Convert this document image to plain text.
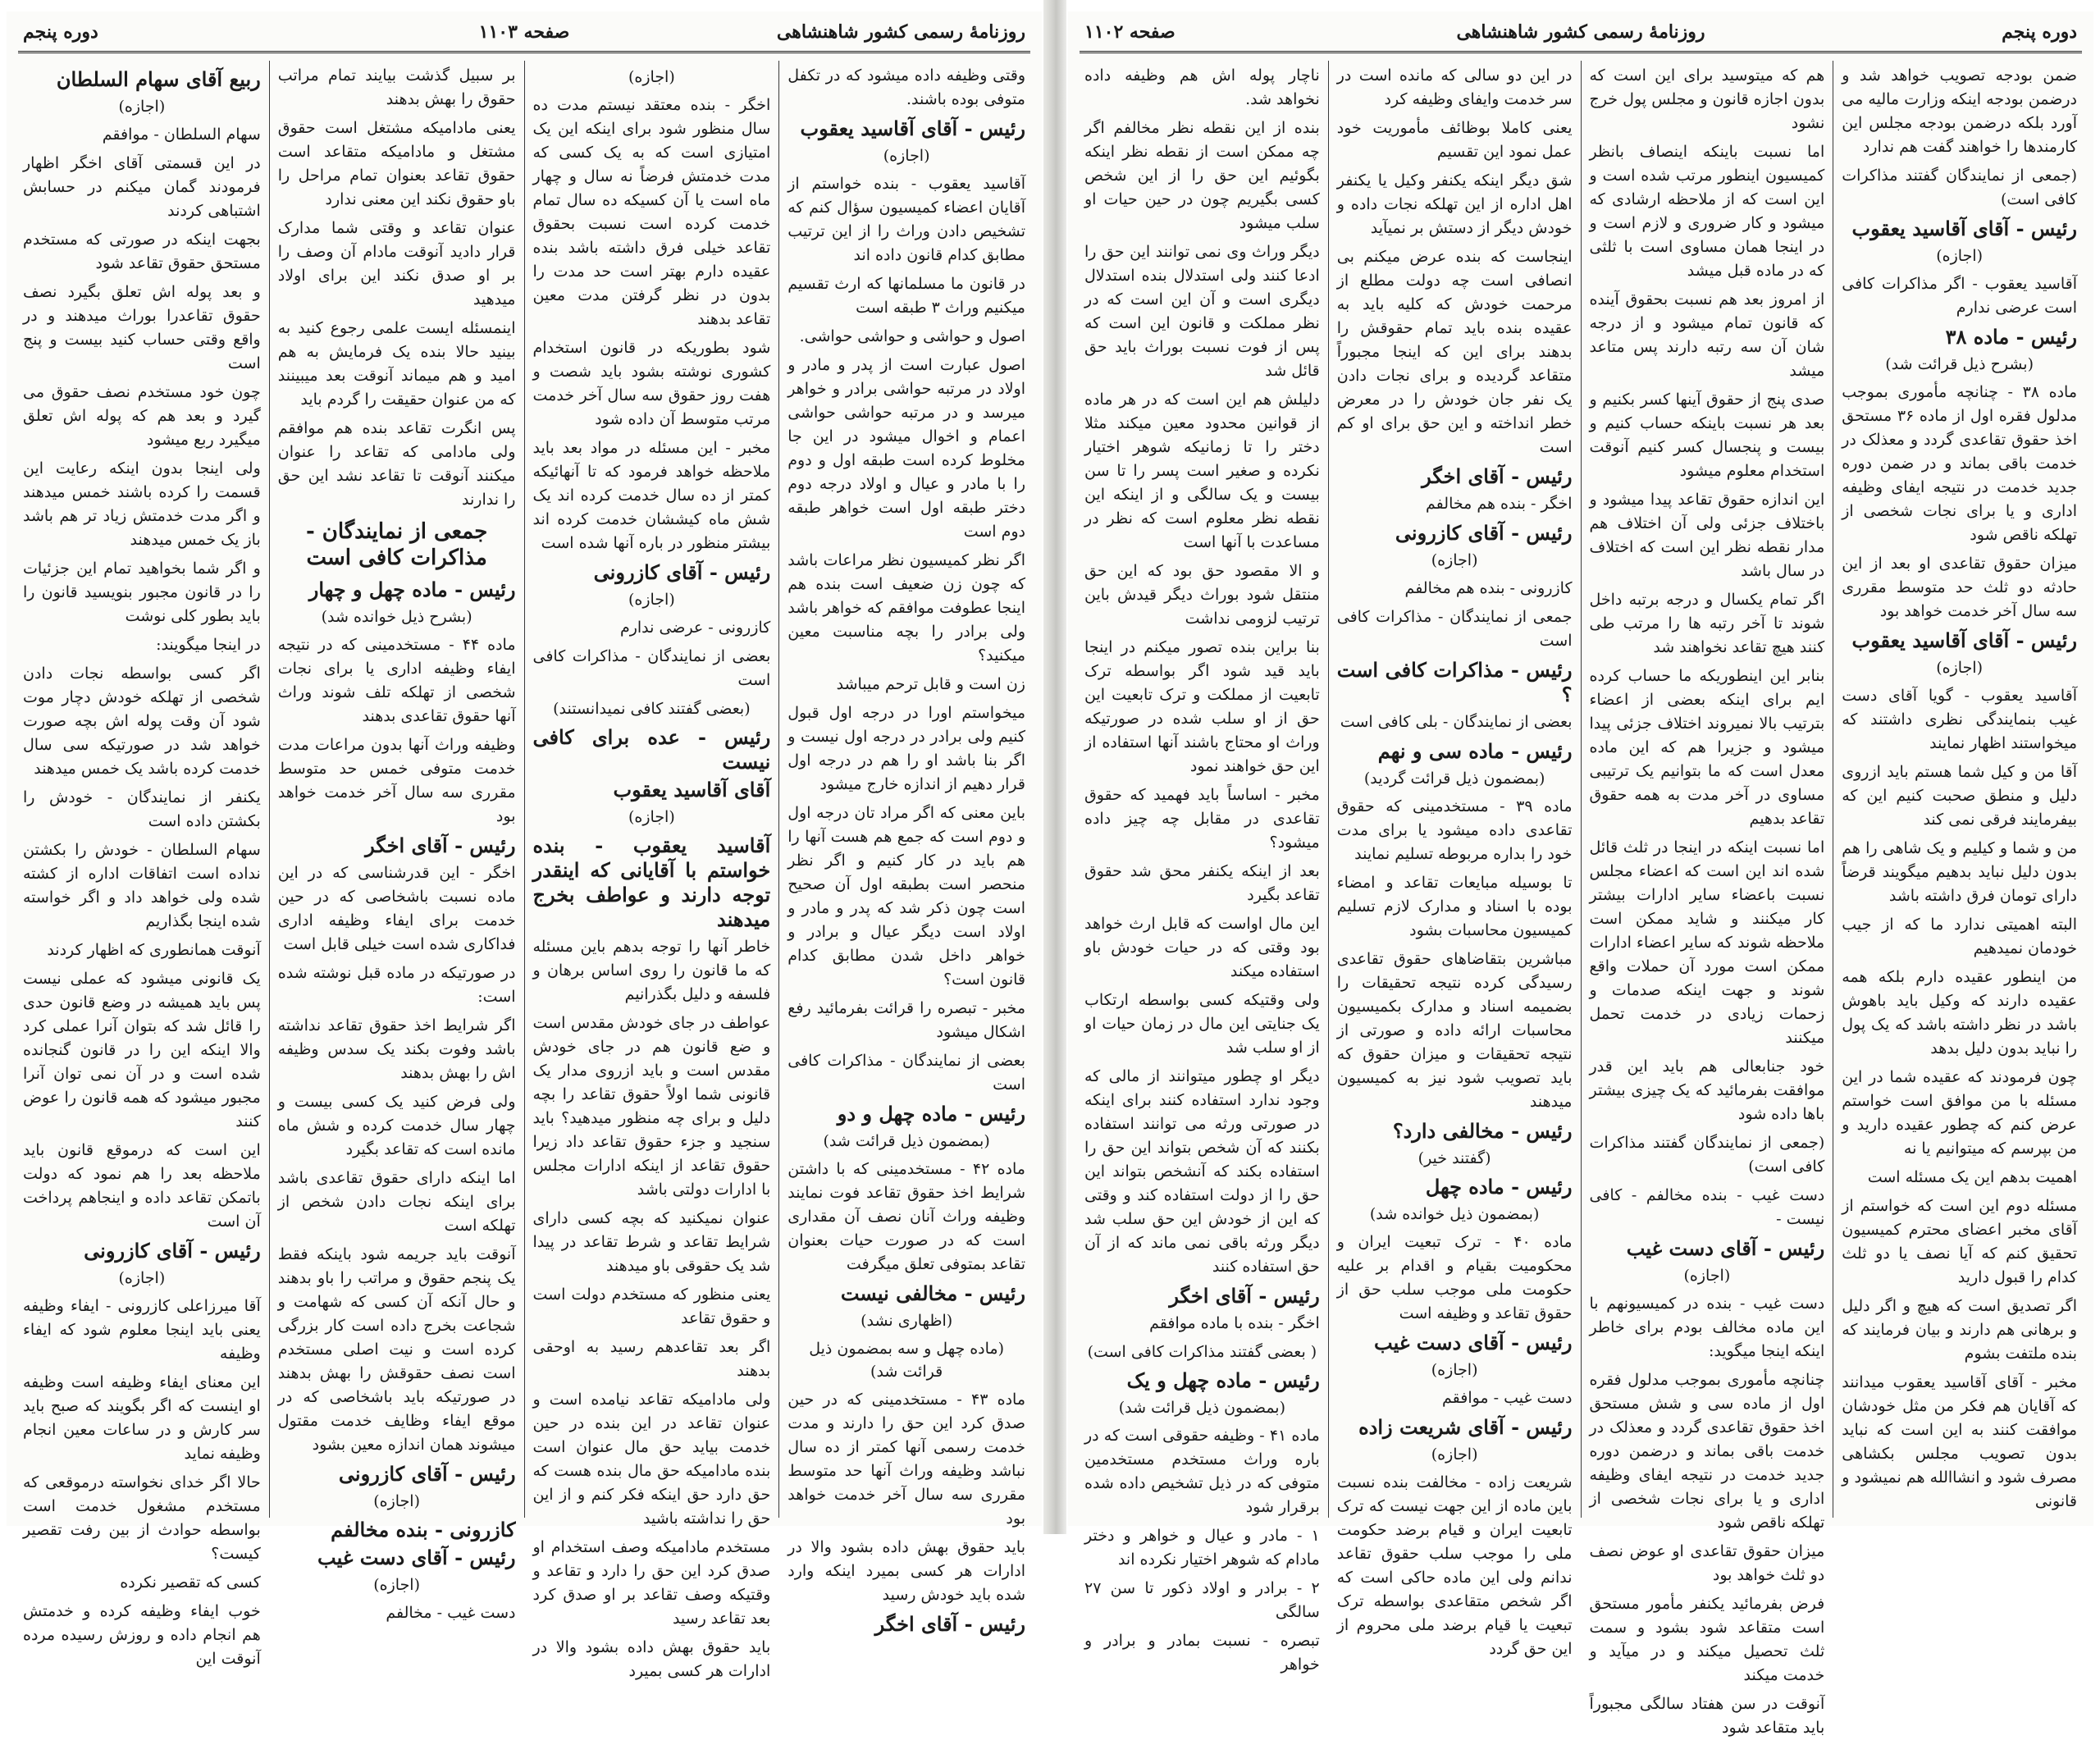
روزنامهٔ رسمی کشور شاهنشاهی
صفحه ۱۱۰۳
دوره پنجم
وقتی وظیفه داده میشود که در تکفل متوفی بوده باشند.
رئیس - آقای آقاسید یعقوب
(اجازه)
آقاسید یعقوب - بنده خواستم از آقایان اعضاء کمیسیون سؤال کنم که تشخیص دادن وراث را از این ترتیب مطابق کدام قانون داده اند
در قانون ما مسلمانها که ارث تقسیم میکنیم وراث ۳ طبقه است
اصول و حواشی و حواشی حواشی.
اصول عبارت است از پدر و مادر و اولاد در مرتبه حواشی برادر و خواهر میرسد و در مرتبه حواشی حواشی اعمام و اخوال میشود در این جا مخلوط کرده است طبقه اول و دوم را با مادر و عیال و اولاد درجه دوم دختر طبقه اول است خواهر طبقه دوم است
اگر نظر کمیسیون نظر مراعات باشد که چون زن ضعیف است بنده هم اینجا عطوفت موافقم که خواهر باشد ولی برادر را بچه مناسبت معین میکنید؟
زن است و قابل ترحم میباشد
میخواستم اورا در درجه اول قبول کنیم ولی برادر در درجه اول نیست و اگر بنا باشد او را هم در درجه اول قرار دهیم از اندازه خارج میشود
باین معنی که اگر مراد تان درجه اول و دوم است که جمع هم هست آنها را هم باید در کار کنیم و اگر نظر منحصر است بطبقه اول آن صحیح است چون ذکر شد که پدر و مادر و اولاد است دیگر عیال و برادر و خواهر داخل شدن مطابق کدام قانون است؟
مخبر - تبصره را قرائت بفرمائید رفع اشکال میشود
بعضی از نمایندگان - مذاکرات کافی است
رئیس - ماده چهل و دو
(بمضمون ذیل قرائت شد)
ماده ۴۲ - مستخدمینی که با داشتن شرایط اخذ حقوق تقاعد فوت نمایند وظیفه وراث آنان نصف آن مقداری است که در صورت حیات بعنوان تقاعد بمتوفی تعلق میگرفت
رئیس - مخالفی نیست
(اظهاری نشد)
(ماده چهل و سه بمضمون ذیل قرائت شد)
ماده ۴۳ - مستخدمینی که در حین صدق کرد این حق را دارند و مدت خدمت رسمی آنها کمتر از ده سال نباشد وظیفه وراث آنها حد متوسط مقرری سه سال آخر خدمت خواهد بود
باید حقوق بهش داده بشود والا در ادارات هر کسی بمیرد اینکه وارد شده باید خودش رسید
رئیس - آقای اخگر
(اجازه)
اخگر - بنده معتقد نیستم مدت ده سال منظور شود برای اینکه این یک امتیازی است که به یک کسی که مدت خدمتش فرضاً نه سال و چهار ماه است یا آن کسیکه ده سال تمام خدمت کرده است نسبت بحقوق تقاعد خیلی فرق داشته باشد بنده عقیده دارم بهتر است حد مدت را بدون در نظر گرفتن مدت معین تقاعد بدهند
شود بطوریکه در قانون استخدام کشوری نوشته بشود باید شصت و هفت روز حقوق سه سال آخر خدمت مرتب متوسط آن داده شود
مخبر - این مسئله در مواد بعد باید ملاحظه خواهد فرمود که تا آنهائیکه کمتر از ده سال خدمت کرده اند یک شش ماه کیششان خدمت کرده اند بیشتر منظور در باره آنها شده است
رئیس - آقای کازرونی
(اجازه)
کازرونی - عرضی ندارم
بعضی از نمایندگان - مذاکرات کافی است
(بعضی گفتند کافی نمیدانستند)
رئیس - عده برای کافی نیست
آقای آقاسید یعقوب
(اجازه)
آقاسید یعقوب - بنده خواستم با آقایانی که اینقدر توجه دارند و عواطف بخرج میدهند
خاطر آنها را توجه بدهم باین مسئله که ما قانون را روی اساس برهان و فلسفه و دلیل بگذرانیم
عواطف در جای خودش مقدس است و ضع قانون هم در جای خودش مقدس است و باید ازروی مدار یک قانونی شما اولاً حقوق تقاعد را بچه دلیل و برای چه منظور میدهید؟ باید سنجید و جزء حقوق تقاعد داد زیرا حقوق تقاعد از اینکه ادارات مجلس با ادارات دولتی باشد
عنوان نمیکنید که بچه کسی دارای شرایط تقاعد و شرط تقاعد در پیدا شد یک حقوقی باو میدهند
یعنی منظور که مستخدم دولت است و حقوق تقاعد
اگر بعد تقاعدهم رسید به اوحقی بدهند
ولی مادامیکه تقاعد نیامده است و عنوان تقاعد در این بنده در حین خدمت بیاید حق مال عنوان است بنده مادامیکه حق مال بنده هست که حق دارد حق اینکه فکر کنم و از این حق را نداشته باشید
مستخدم مادامیکه وصف استخدام او صدق کرد این حق را دارد و تقاعد و وقتیکه وصف تقاعد بر او صدق کرد بعد تقاعد رسید
باید حقوق بهش داده بشود والا در ادارات هر کسی بمیرد
بر سبیل گذشت بیایند تمام مراتب حقوق را بهش بدهند
یعنی مادامیکه مشتغل است حقوق مشتغل و مادامیکه متقاعد است حقوق تقاعد بعنوان تمام مراحل را باو حقوق نکند این معنی ندارد
عنوان تقاعد و وقتی شما مدارک قرار دادید آنوقت مادام آن وصف را بر او صدق نکند این برای اولاد میدهید
اینمسئله ایست علمی رجوع کنید به بینید حالا بنده یک فرمایش به هم امید و هم میماند آنوقت بعد میبینند که من عنوان حقیقت را گردم باید
پس انگرت تقاعد بنده هم موافقم ولی مادامی که تقاعد را عنوان میکنند آنوقت تا تقاعد نشد این حق را ندارند
جمعی از نمایندگان - مذاکرات کافی است
رئیس - ماده چهل و چهار
(بشرح ذیل خوانده شد)
ماده ۴۴ - مستخدمینی که در نتیجه ایفاء وظیفه اداری یا برای نجات شخصی از تهلکه تلف شوند وراث آنها حقوق تقاعدی بدهند
وظیفه وراث آنها بدون مراعات مدت خدمت متوفی خمس حد متوسط مقرری سه سال آخر خدمت خواهد بود
رئیس - آقای اخگر
اخگر - این قدرشناسی که در این ماده نسبت باشخاصی که در حین خدمت برای ایفاء وظیفه اداری فداکاری شده است خیلی قابل است
در صورتیکه در ماده قبل نوشته شده است:
اگر شرایط اخذ حقوق تقاعد نداشته باشد وفوت بکند یک سدس وظیفه اش را بهش بدهند
ولی فرض کنید یک کسی بیست و چهار سال خدمت کرده و شش ماه مانده است که تقاعد بگیرد
اما اینکه دارای حقوق تقاعدی باشد برای اینکه نجات دادن شخص از تهلکه است
آنوقت باید جریمه شود باینکه فقط یک پنجم حقوق و مراتب را باو بدهند و حال آنکه آن کسی که شهامت و شجاعت بخرج داده است کار بزرگی کرده است و نیت اصلی مستخدم است نصف حقوقش را بهش بدهند در صورتیکه باید باشخاصی که در موقع ایفاء وظایف خدمت مقتول میشوند همان اندازه معین بشود
رئیس - آقای کازرونی
(اجازه)
کازرونی - بنده مخالفم
رئیس - آقای دست غیب
(اجازه)
دست غیب - مخالفم
ربیع آقای سهام السلطان
(اجازه)
سهام السلطان - موافقم
در این قسمتی آقای اخگر اظهار فرمودند گمان میکنم در حسابش اشتباهی کردند
بجهت اینکه در صورتی که مستخدم مستحق حقوق تقاعد شود
و بعد پوله اش تعلق بگیرد نصف حقوق تقاعدرا بوراث میدهند و در واقع وقتی حساب کنید بیست و پنج است
چون خود مستخدم نصف حقوق می گیرد و بعد هم که پوله اش تعلق میگیرد ربع میشود
ولی اینجا بدون اینکه رعایت این قسمت را کرده باشند خمس میدهند و اگر مدت خدمتش زیاد تر هم باشد باز یک خمس میدهند
و اگر شما بخواهید تمام این جزئیات را در قانون مجبور بنویسید قانون را باید بطور کلی نوشت
در اینجا میگویند:
اگر کسی بواسطه نجات دادن شخصی از تهلکه خودش دچار موت شود آن وقت پوله اش بچه صورت خواهد شد در صورتیکه سی سال خدمت کرده باشد یک خمس میدهند
یکنفر از نمایندگان - خودش را بکشتن داده است
سهام السلطان - خودش را بکشتن نداده است اتفاقات اداره از کشته شده ولی خواهد داد و اگر خواسته شده اینجا بگذاریم
آنوقت همانطوری که اظهار کردند
یک قانونی میشود که عملی نیست پس باید همیشه در وضع قانون حدی را قائل شد که بتوان آنرا عملی کرد والا اینکه این را در قانون گنجانده شده است و در آن نمی توان آنرا مجبور میشود که همه قانون را عوض کنند
این است که درموقع قانون باید ملاحظه بعد را هم نمود که دولت باتمکن تقاعد داده و اینجاهم پرداخت آن است
رئیس - آقای کازرونی
(اجازه)
آقا میرزاعلی کازرونی - ایفاء وظیفه یعنی باید اینجا معلوم شود که ایفاء وظیفه
این معنای ایفاء وظیفه است وظیفه او اینست که اگر بگویند که صبح باید سر کارش و در ساعات معین انجام وظیفه نماید
حالا اگر خدای نخواسته درموقعی که مستخدم مشغول خدمت است بواسطه حوادث از بین رفت تقصیر کیست؟
کسی که تقصیر نکرده
خوب ایفاء وظیفه کرده و خدمتش هم انجام داده و روزش رسیده مرده آنوقت این
دوره پنجم
روزنامهٔ رسمی کشور شاهنشاهی
صفحه ۱۱۰۲
ضمن بودجه تصویب خواهد شد و درضمن بودجه اینکه وزارت مالیه می آورد بلکه درضمن بودجه مجلس این کارمندها را خواهند گفت هم ندارد
(جمعی از نمایندگان گفتند مذاکرات کافی است)
رئیس - آقای آقاسید یعقوب
(اجازه)
آقاسید یعقوب - اگر مذاکرات کافی است عرضی ندارم
رئیس - ماده ۳۸
(بشرح ذیل قرائت شد)
ماده ۳۸ - چنانچه مأموری بموجب مدلول فقره اول از ماده ۳۶ مستحق اخذ حقوق تقاعدی گردد و معذلک در خدمت باقی بماند و در ضمن دوره جدید خدمت در نتیجه ایفای وظیفه اداری و یا برای نجات شخصی از تهلکه ناقص شود
میزان حقوق تقاعدی او بعد از این حادثه دو ثلث حد متوسط مقرری سه سال آخر خدمت خواهد بود
رئیس - آقای آقاسید یعقوب
(اجازه)
آقاسید یعقوب - گویا آقای دست غیب بنمایندگی نظری داشتند که میخواستند اظهار نمایند
آقا من و کیل شما هستم باید ازروی دلیل و منطق صحبت کنیم این که بیفرمایند فرقی نمی کند
من و شما و کیلیم و یک شاهی را هم بدون دلیل نباید بدهیم میگویند قرضاً دارای تومان فرق داشته باشد
البته اهمیتی ندارد ما که از جیب خودمان نمیدهیم
من اینطور عقیده دارم بلکه همه عقیده دارند که وکیل باید باهوش باشد در نظر داشته باشد که یک پول را نباید بدون دلیل بدهد
چون فرمودند که عقیده شما در این مسئله با من موافق است خواستم عرض کنم که چطور عقیده دارید و من بپرسم که میتوانیم یا نه
اهمیت بدهم این یک مسئله است
مسئله دوم این است که خواستم از آقای مخبر اعضای محترم کمیسیون تحقیق کنم که آیا نصف یا دو ثلث کدام را قبول دارید
اگر تصدیق است که هیچ و اگر دلیل و برهانی هم دارند و بیان فرمایند که بنده ملتفت بشوم
مخبر - آقای آقاسید یعقوب میدانند که آقایان هم فکر من مثل خودشان موافقت کنند به این است که نباید بدون تصویب مجلس بکشاهی مصرف شود و انشاالله هم نمیشود و قانونی
هم که میتوسید برای این است که بدون اجازه قانون و مجلس پول خرج نشود
اما نسبت باینکه اینصاف بانظر کمیسیون اینطور مرتب شده است و این است که از ملاحظه ارشادی که میشود و کار ضروری و لازم است و در اینجا همان مساوی است با ثلثی که در ماده قبل میشد
از امروز بعد هم نسبت بحقوق آینده که قانون تمام میشود و از درجه شان آن سه رتبه دارند پس متاعد میشد
صدی پنج از حقوق آینها کسر بکنیم و بعد هر نسبت باینکه حساب کنیم و بیست و پنجسال کسر کنیم آنوقت استخدام معلوم میشود
این اندازه حقوق تقاعد پیدا میشود و باختلاف جزئی ولی آن اختلاف هم مدار نقطه نظر این است که اختلاف در سال باشد
اگر تمام یکسال و درجه برتبه داخل شوند تا آخر رتبه ها را مرتب طی کنند هیچ تقاعد نخواهند شد
بنابر این اینطوریکه ما حساب کرده ایم برای اینکه بعضی از اعضاء بترتیب بالا نمیروند اختلاف جزئی پیدا میشود و جزیرا هم که این ماده معدل است که ما بتوانیم یک ترتیبی مساوی در آخر مدت به همه حقوق تقاعد بدهیم
اما نسبت اینکه در اینجا در ثلث قائل شده اند این است که اعضاء مجلس نسبت باعضاء سایر ادارات بیشتر کار میکنند و شاید ممکن است ملاحظه شوند که سایر اعضاء ادارات ممکن است مورد آن حملات واقع شوند و جهت اینکه صدمات و زحمات زیادی در خدمت تحمل میکنند
خود جنابعالی هم باید این قدر موافقت بفرمائید که یک چیزی بیشتر باها داده شود
(جمعی از نمایندگان گفتند مذاکرات کافی است)
دست غیب - بنده مخالفم - کافی نیست -
رئیس - آقای دست غیب
(اجازه)
دست غیب - بنده در کمیسیونهم با این ماده مخالف بودم برای خاطر اینکه اینجا میگوید:
چنانچه مأموری بموجب مدلول فقره اول از ماده سی و شش مستحق اخذ حقوق تقاعدی گردد و معذلک در خدمت باقی بماند و درضمن دوره جدید خدمت در نتیجه ایفای وظیفه اداری و یا برای نجات شخصی از تهلکه ناقص شود
میزان حقوق تقاعدی او عوض نصف دو ثلث خواهد بود
فرض بفرمائید یکنفر مأمور مستحق است متقاعد شود بشود و سمت ثلث تحصیل میکند و در میآید و خدمت میکند
آنوقت در سن هفتاد سالگی مجبوراً باید متقاعد شود
در این دو سالی که مانده است در سر خدمت وایفای وظیفه کرد
یعنی کاملا بوظائف مأموریت خود عمل نمود این تقسیم
شق دیگر اینکه یکنفر وکیل یا یکنفر اهل اداره از این تهلکه نجات داده و خودش دیگر از دستش بر نمیآید
اینجاست که بنده عرض میکنم بی انصافی است چه دولت مطلع از مرحمت خودش که کلیه باید به عقیده بنده باید تمام حقوقش را بدهند برای این که اینجا مجبوراً متقاعد گردیده و برای نجات دادن یک نفر جان خودش را در معرض خطر انداخته و این حق برای او کم است
رئیس - آقای اخگر
اخگر - بنده هم مخالفم
رئیس - آقای کازرونی
(اجازه)
کازرونی - بنده هم مخالفم
جمعی از نمایندگان - مذاکرات کافی است
رئیس - مذاکرات کافی است ؟
بعضی از نمایندگان - بلی کافی است
رئیس - ماده سی و نهم
(بمضمون ذیل قرائت گردید)
ماده ۳۹ - مستخدمینی که حقوق تقاعدی داده میشود یا برای مدت خود را بداره مربوطه تسلیم نمایند
تا بوسیله مبایعات تقاعد و امضاء بوده با اسناد و مدارک لازم تسلیم کمیسیون محاسبات بشود
مباشرین بتقاضاهای حقوق تقاعدی رسیدگی کرده نتیجه تحقیقات را بضمیمه اسناد و مدارک بکمیسیون محاسبات ارائه داده و صورتی از نتیجه تحقیقات و میزان حقوق که باید تصویب شود نیز به کمیسیون میدهند
رئیس - مخالفی دارد؟
(گفتند خیر)
رئیس - ماده چهل
(بمضمون ذیل خوانده شد)
ماده ۴۰ - ترک تبعیت ایران و محکومیت بقیام و اقدام بر علیه حکومت ملی موجب سلب حق از حقوق تقاعد و وظیفه است
رئیس - آقای دست غیب
(اجازه)
دست غیب - موافقم
رئیس - آقای شریعت زاده
(اجازه)
شریعت زاده - مخالفت بنده نسبت باین ماده از این جهت نیست که ترک تابعیت ایران و قیام برضد حکومت ملی را موجب سلب حقوق تقاعد ندانم ولی این ماده حاکی است که اگر شخص متقاعدی بواسطه ترک تبعیت یا قیام برضد ملی محروم از این حق گردد
ناچار پوله اش هم وظیفه داده نخواهد شد.
بنده از این نقطه نظر مخالفم اگر چه ممکن است از نقطه نظر اینکه بگوئیم این حق را از این شخص کسی بگیریم چون در حین حیات او سلب میشود
دیگر وراث وی نمی توانند این حق را ادعا کنند ولی استدلال بنده استدلال دیگری است و آن این است که در نظر مملکت و قانون این است که پس از فوت نسبت بوراث باید حق قائل شد
دلیلش هم این است که در هر ماده از قوانین محدود معین میکند مثلا دختر را تا زمانیکه شوهر اختیار نکرده و صغیر است پسر را تا سن بیست و یک سالگی و از اینکه این نقطه نظر معلوم است که نظر در مساعدت با آنها است
و الا مقصود حق بود که این حق منتقل شود بوراث دیگر قیدش باین ترتیب لزومی نداشت
بنا براین بنده تصور میکنم در اینجا باید قید شود اگر بواسطه ترک تابعیت از مملکت و ترک تابعیت این حق از او سلب شده در صورتیکه وراث او محتاج باشند آنها استفاده از این حق خواهند نمود
مخبر - اساساً باید فهمید که حقوق تقاعدی در مقابل چه چیز داده میشود؟
بعد از اینکه یکنفر محق شد حقوق تقاعد بگیرد
این مال اواست که قابل ارث خواهد بود وقتی که در حیات خودش باو استفاده میکند
ولی وقتیکه کسی بواسطه ارتکاب یک جنایتی این مال در زمان حیات او از او سلب شد
دیگر او چطور میتوانند از مالی که وجود ندارد استفاده کنند برای اینکه در صورتی ورثه می توانند استفاده بکنند که آن شخص بتواند این حق را استفاده بکند که آنشخص بتواند این حق را از دولت استفاده کند و وقتی که این از خودش این حق سلب شد دیگر ورثه باقی نمی ماند که از آن حق استفاده کنند
رئیس - آقای اخگر
اخگر - بنده با ماده موافقم
( بعضی گفتند مذاکرات کافی است)
رئیس - ماده چهل و یک
(بمضمون ذیل قرائت شد)
ماده ۴۱ - وظیفه حقوقی است که در باره وراث مستخدم مستخدمین متوفی که در ذیل تشخیص داده شده برقرار شود
۱ - مادر و عیال و خواهر و دختر مادام که شوهر اختیار نکرده اند
۲ - برادر و اولاد ذکور تا سن ۲۷ سالگی
تبصره - نسبت بمادر و برادر و خواهر
